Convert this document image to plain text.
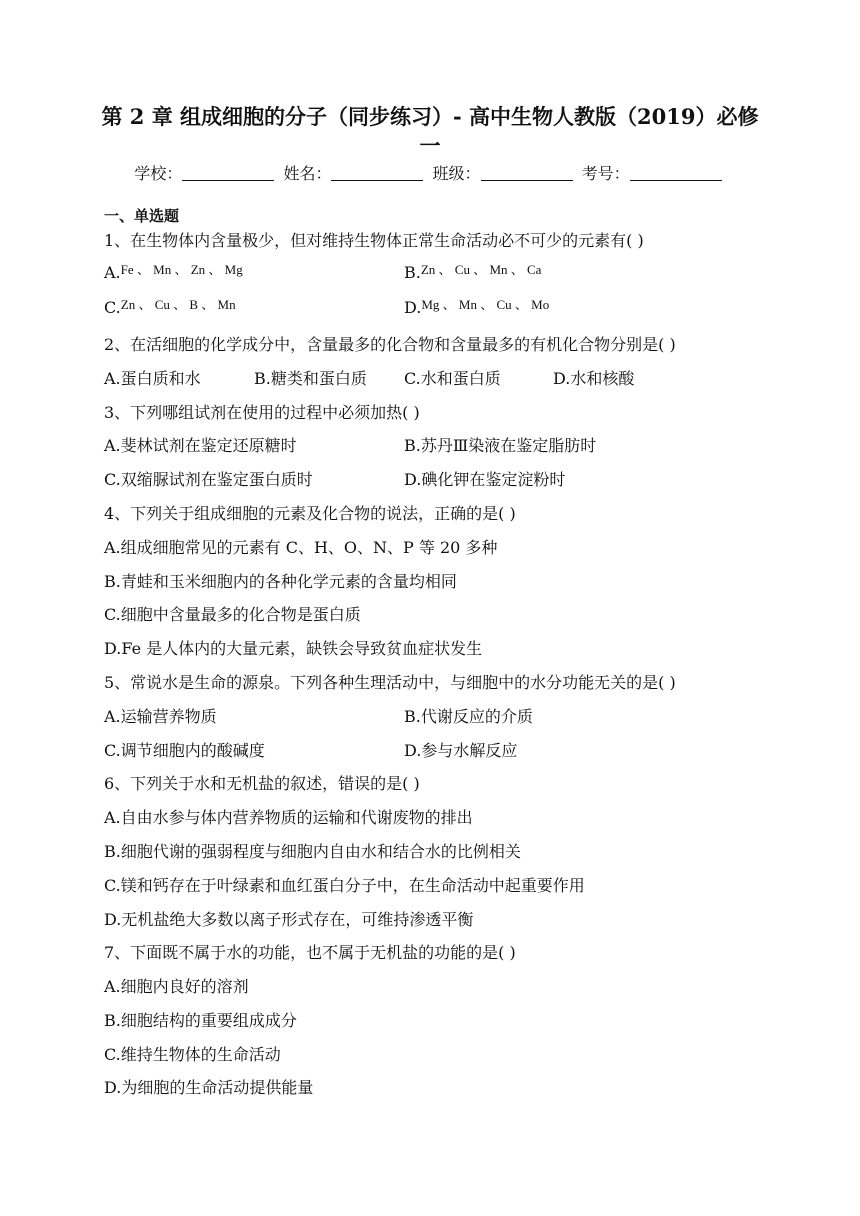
第 2 章 组成细胞的分子（同步练习）- 高中生物人教版（2019）必修
一
学校：	姓名：	班级：	考号：
一、单选题
1、在生物体内含量极少，但对维持生物体正常生命活动必不可少的元素有( )
A.$^{Fe 、 Mn 、 Zn 、 Mg}$	B.$^{Zn 、 Cu 、 Mn 、 Ca}$
C.$^{Zn 、 Cu 、 B 、 Mn}$	D.$^{Mg 、 Mn 、 Cu 、 Mo}$
2、在活细胞的化学成分中，含量最多的化合物和含量最多的有机化合物分别是( )
A.蛋白质和水	B.糖类和蛋白质 C.水和蛋白质	D.水和核酸
3、下列哪组试剂在使用的过程中必须加热( )
A.斐林试剂在鉴定还原糖时	B.苏丹Ⅲ染液在鉴定脂肪时
C.双缩脲试剂在鉴定蛋白质时	D.碘化钾在鉴定淀粉时
4、下列关于组成细胞的元素及化合物的说法，正确的是( )
A.组成细胞常见的元素有 C、H、O、N、P 等 20 多种
B.青蛙和玉米细胞内的各种化学元素的含量均相同
C.细胞中含量最多的化合物是蛋白质
D.Fe 是人体内的大量元素，缺铁会导致贫血症状发生
5、常说水是生命的源泉。下列各种生理活动中，与细胞中的水分功能无关的是( )
A.运输营养物质	B.代谢反应的介质
C.调节细胞内的酸碱度	D.参与水解反应
6、下列关于水和无机盐的叙述，错误的是( )
A.自由水参与体内营养物质的运输和代谢废物的排出
B.细胞代谢的强弱程度与细胞内自由水和结合水的比例相关
C.镁和钙存在于叶绿素和血红蛋白分子中，在生命活动中起重要作用
D.无机盐绝大多数以离子形式存在，可维持渗透平衡
7、下面既不属于水的功能，也不属于无机盐的功能的是( )
A.细胞内良好的溶剂
B.细胞结构的重要组成成分
C.维持生物体的生命活动
D.为细胞的生命活动提供能量
